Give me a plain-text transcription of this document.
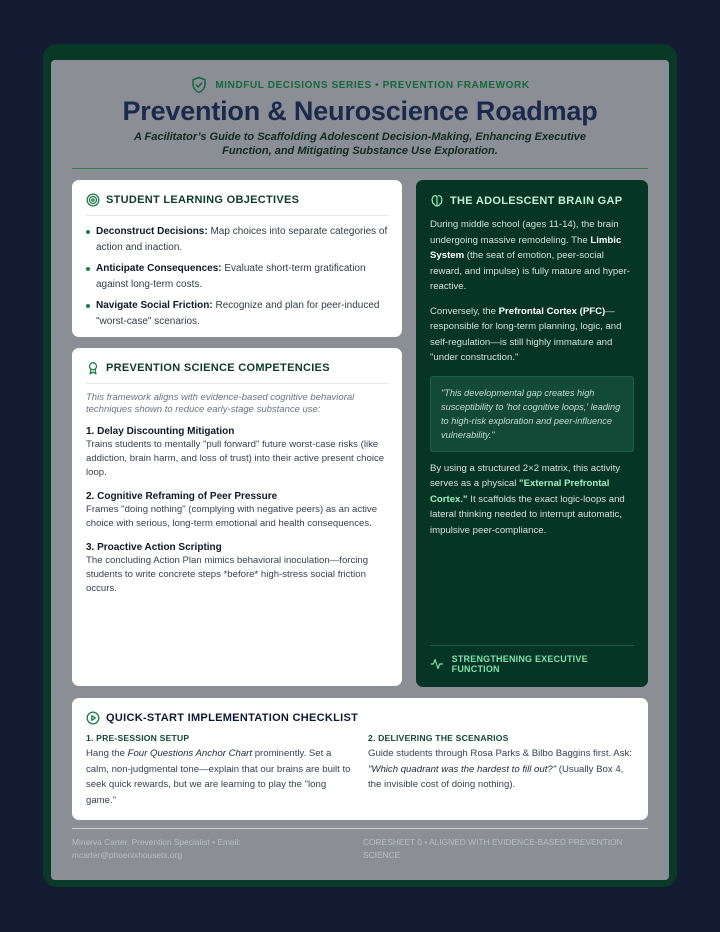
MINDFUL DECISIONS SERIES • PREVENTION FRAMEWORK
Prevention & Neuroscience Roadmap
A Facilitator’s Guide to Scaffolding Adolescent Decision-Making, Enhancing Executive Function, and Mitigating Substance Use Exploration.
STUDENT LEARNING OBJECTIVES
Deconstruct Decisions: Map choices into separate categories of action and inaction.
Anticipate Consequences: Evaluate short-term gratification against long-term costs.
Navigate Social Friction: Recognize and plan for peer-induced "worst-case" scenarios.
PREVENTION SCIENCE COMPETENCIES
This framework aligns with evidence-based cognitive behavioral techniques shown to reduce early-stage substance use:
1. Delay Discounting Mitigation
Trains students to mentally "pull forward" future worst-case risks (like addiction, brain harm, and loss of trust) into their active present choice loop.
2. Cognitive Reframing of Peer Pressure
Frames "doing nothing" (complying with negative peers) as an active choice with serious, long-term emotional and health consequences.
3. Proactive Action Scripting
The concluding Action Plan mimics behavioral inoculation—forcing students to write concrete steps *before* high-stress social friction occurs.
THE ADOLESCENT BRAIN GAP

During middle school (ages 11-14), the brain undergoing massive remodeling. The Limbic System (the seat of emotion, peer-social reward, and impulse) is fully mature and hyper-reactive.

Conversely, the Prefrontal Cortex (PFC)—responsible for long-term planning, logic, and self-regulation—is still highly immature and "under construction."

"This developmental gap creates high susceptibility to 'hot cognitive loops,' leading to high-risk exploration and peer-influence vulnerability."

By using a structured 2×2 matrix, this activity serves as a physical "External Prefrontal Cortex." It scaffolds the exact logic-loops and lateral thinking needed to interrupt automatic, impulsive peer-compliance.

STRENGTHENING EXECUTIVE FUNCTION
QUICK-START IMPLEMENTATION CHECKLIST
1. PRE-SESSION SETUP
Hang the Four Questions Anchor Chart prominently. Set a calm, non-judgmental tone—explain that our brains are built to seek quick rewards, but we are learning to play the "long game."
2. DELIVERING THE SCENARIOS
Guide students through Rosa Parks & Bilbo Baggins first. Ask: "Which quadrant was the hardest to fill out?" (Usually Box 4, the invisible cost of doing nothing).
Minerva Carter, Prevention Specialist • Email: mcarter@phoenixhousetx.org
CORESHEET 0 • ALIGNED WITH EVIDENCE-BASED PREVENTION SCIENCE
